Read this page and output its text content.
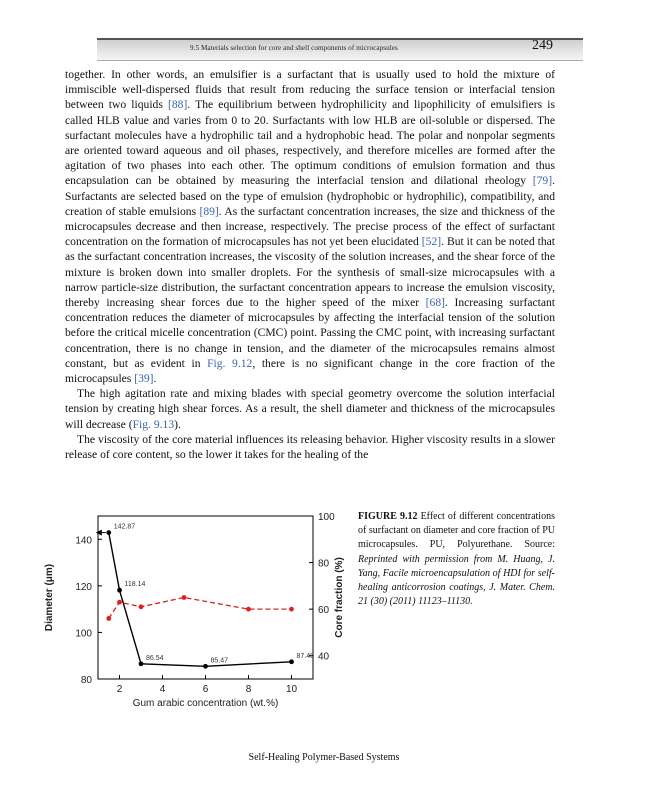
9.5 Materials selection for core and shell components of microcapsules	249

together. In other words, an emulsifier is a surfactant that is usually used to hold the mixture of immiscible well-dispersed fluids that result from reducing the surface tension or interfacial tension between two liquids [88]. The equilibrium between hydrophilicity and lipophilicity of emulsifiers is called HLB value and varies from 0 to 20. Surfactants with low HLB are oil-soluble or dispersed. The surfactant molecules have a hydrophilic tail and a hydrophobic head. The polar and nonpolar segments are oriented toward aqueous and oil phases, respectively, and therefore micelles are formed after the agitation of two phases into each other. The optimum conditions of emulsion formation and thus encapsulation can be obtained by measuring the interfacial tension and dilational rheology [79]. Surfactants are selected based on the type of emulsion (hydrophobic or hydrophilic), compatibility, and creation of stable emulsions [89]. As the surfactant concentration increases, the size and thickness of the microcapsules decrease and then increase, respectively. The precise process of the effect of surfactant concentration on the formation of microcapsules has not yet been elucidated [52]. But it can be noted that as the surfactant concentration increases, the viscosity of the solution increases, and the shear force of the mixture is broken down into smaller droplets. For the synthesis of small-size microcapsules with a narrow particle-size distribution, the surfactant concentration appears to increase the emulsion viscosity, thereby increasing shear forces due to the higher speed of the mixer [68]. Increasing surfactant concentration reduces the diameter of microcapsules by affecting the interfacial tension of the solution before the critical micelle concentration (CMC) point. Passing the CMC point, with increasing surfactant concentration, there is no change in tension, and the diameter of the microcapsules remains almost constant, but as evident in Fig. 9.12, there is no significant change in the core fraction of the microcapsules [39].

The high agitation rate and mixing blades with special geometry overcome the solution interfacial tension by creating high shear forces. As a result, the shell diameter and thickness of the microcapsules will decrease (Fig. 9.13).

The viscosity of the core material influences its releasing behavior. Higher viscosity results in a slower release of core content, so the lower it takes for the healing of the

2	4	6	8	10
80
100
120
140
40
60
80
100
Gum arabic concentration (wt.%)
Diameter (μm)	Core fraction (%)
142.87
118.14
86.54	85.47
87.40
FIGURE 9.12 Effect of different concentrations of surfactant on diameter and core fraction of PU microcapsules. PU, Polyurethane. Source: Reprinted with permission from M. Huang, J. Yang, Facile microencapsulation of HDI for self-healing anticorrosion coatings, J. Mater. Chem. 21 (30) (2011) 11123–11130.
Self-Healing Polymer-Based Systems
